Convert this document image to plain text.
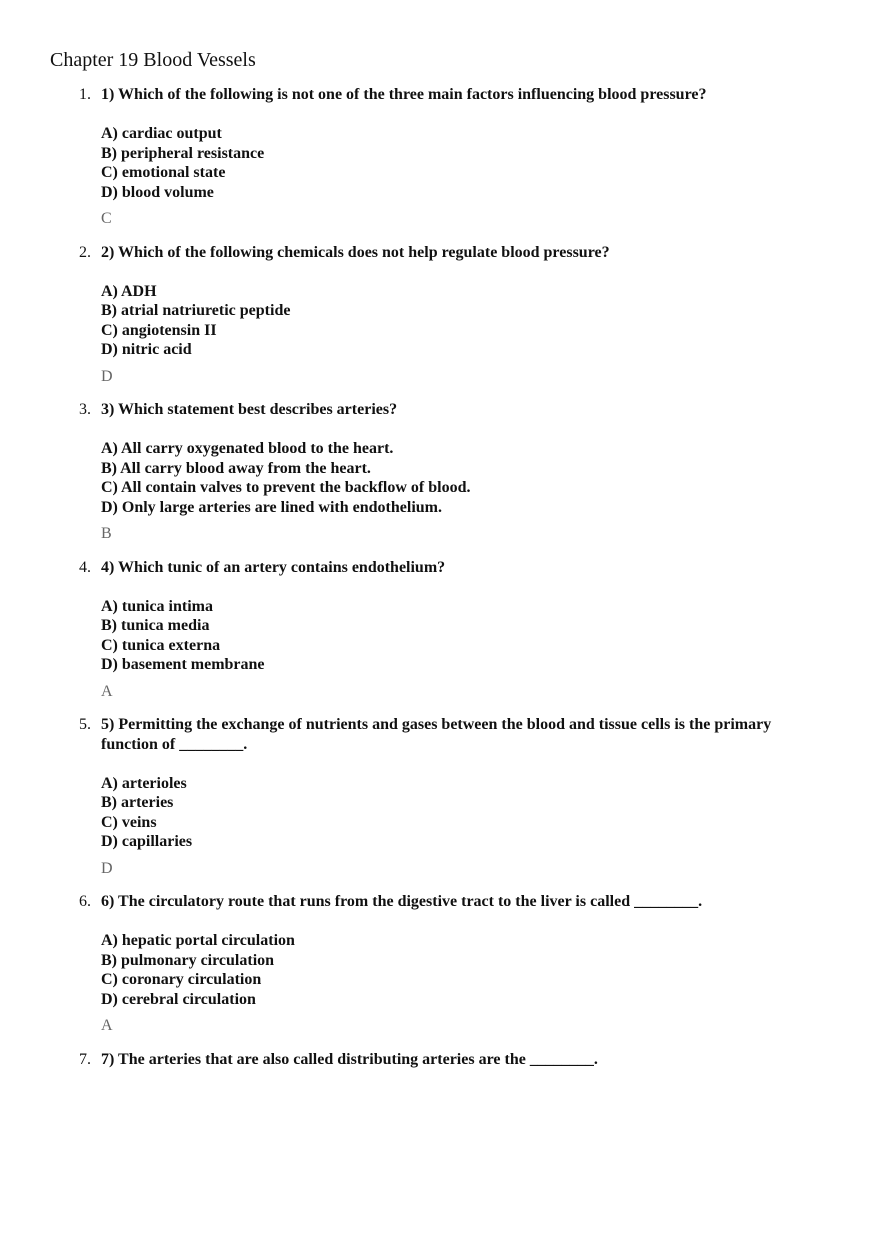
Chapter 19 Blood Vessels
1. 1) Which of the following is not one of the three main factors influencing blood pressure?
A) cardiac output
B) peripheral resistance
C) emotional state
D) blood volume
C
2. 2) Which of the following chemicals does not help regulate blood pressure?
A) ADH
B) atrial natriuretic peptide
C) angiotensin II
D) nitric acid
D
3. 3) Which statement best describes arteries?
A) All carry oxygenated blood to the heart.
B) All carry blood away from the heart.
C) All contain valves to prevent the backflow of blood.
D) Only large arteries are lined with endothelium.
B
4. 4) Which tunic of an artery contains endothelium?
A) tunica intima
B) tunica media
C) tunica externa
D) basement membrane
A
5. 5) Permitting the exchange of nutrients and gases between the blood and tissue cells is the primary function of ________.
A) arterioles
B) arteries
C) veins
D) capillaries
D
6. 6) The circulatory route that runs from the digestive tract to the liver is called ________.
A) hepatic portal circulation
B) pulmonary circulation
C) coronary circulation
D) cerebral circulation
A
7. 7) The arteries that are also called distributing arteries are the ________.
